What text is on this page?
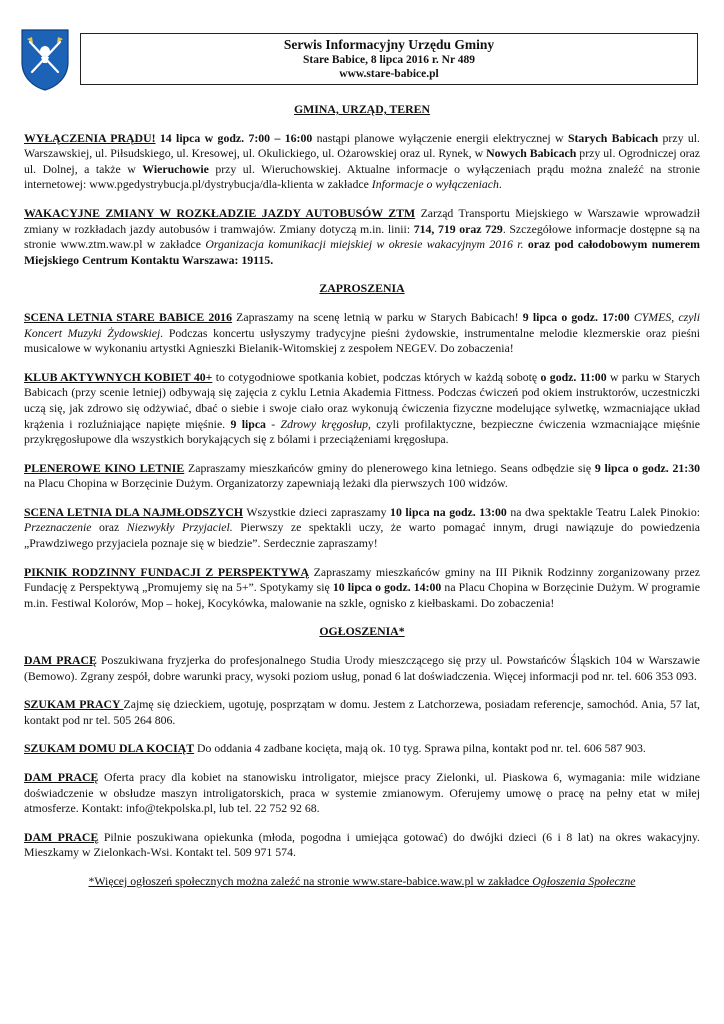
Serwis Informacyjny Urzędu Gminy
Stare Babice, 8 lipca 2016 r. Nr 489
www.stare-babice.pl
GMINA, URZĄD, TEREN

WYŁĄCZENIA PRĄDU! 14 lipca w godz. 7:00 – 16:00 nastąpi planowe wyłączenie energii elektrycznej w Starych Babicach przy ul. Warszawskiej, ul. Piłsudskiego, ul. Kresowej, ul. Okulickiego, ul. Ożarowskiej oraz ul. Rynek, w Nowych Babicach przy ul. Ogrodniczej oraz ul. Dolnej, a także w Wieruchowie przy ul. Wieruchowskiej. Aktualne informacje o wyłączeniach prądu można znaleźć na stronie internetowej: www.pgedystrybucja.pl/dystrybucja/dla-klienta w zakładce Informacje o wyłączeniach.

WAKACYJNE ZMIANY W ROZKŁADZIE JAZDY AUTOBUSÓW ZTM Zarząd Transportu Miejskiego w Warszawie wprowadził zmiany w rozkładach jazdy autobusów i tramwajów. Zmiany dotyczą m.in. linii: 714, 719 oraz 729. Szczegółowe informacje dostępne są na stronie www.ztm.waw.pl w zakładce Organizacja komunikacji miejskiej w okresie wakacyjnym 2016 r. oraz pod całodobowym numerem Miejskiego Centrum Kontaktu Warszawa: 19115.

ZAPROSZENIA

SCENA LETNIA STARE BABICE 2016 Zapraszamy na scenę letnią w parku w Starych Babicach! 9 lipca o godz. 17:00 CYMES, czyli Koncert Muzyki Żydowskiej. Podczas koncertu usłyszymy tradycyjne pieśni żydowskie, instrumentalne melodie klezmerskie oraz pieśni musicalowe w wykonaniu artystki Agnieszki Bielanik-Witomskiej z zespołem NEGEV. Do zobaczenia!

KLUB AKTYWNYCH KOBIET 40+ to cotygodniowe spotkania kobiet, podczas których w każdą sobotę o godz. 11:00 w parku w Starych Babicach (przy scenie letniej) odbywają się zajęcia z cyklu Letnia Akademia Fittness. Podczas ćwiczeń pod okiem instruktorów, uczestniczki uczą się, jak zdrowo się odżywiać, dbać o siebie i swoje ciało oraz wykonują ćwiczenia fizyczne modelujące sylwetkę, wzmacniające układ krążenia i rozluźniające napięte mięśnie. 9 lipca - Zdrowy kręgosłup, czyli profilaktyczne, bezpieczne ćwiczenia wzmacniające mięśnie przykręgosłupowe dla wszystkich borykających się z bólami i przeciążeniami kręgosłupa.

PLENEROWE KINO LETNIE Zapraszamy mieszkańców gminy do plenerowego kina letniego. Seans odbędzie się 9 lipca o godz. 21:30 na Placu Chopina w Borzęcinie Dużym. Organizatorzy zapewniają leżaki dla pierwszych 100 widzów.

SCENA LETNIA DLA NAJMŁODSZYCH Wszystkie dzieci zapraszamy 10 lipca na godz. 13:00 na dwa spektakle Teatru Lalek Pinokio: Przeznaczenie oraz Niezwykły Przyjaciel. Pierwszy ze spektakli uczy, że warto pomagać innym, drugi nawiązuje do powiedzenia „Prawdziwego przyjaciela poznaje się w biedzie”. Serdecznie zapraszamy!

PIKNIK RODZINNY FUNDACJI Z PERSPEKTYWĄ Zapraszamy mieszkańców gminy na III Piknik Rodzinny zorganizowany przez Fundację z Perspektywą „Promujemy się na 5+”. Spotykamy się 10 lipca o godz. 14:00 na Placu Chopina w Borzęcinie Dużym. W programie m.in. Festiwal Kolorów, Mop – hokej, Kocykówka, malowanie na szkle, ognisko z kiełbaskami. Do zobaczenia!

OGŁOSZENIA*

DAM PRACĘ Poszukiwana fryzjerka do profesjonalnego Studia Urody mieszczącego się przy ul. Powstańców Śląskich 104 w Warszawie (Bemowo). Zgrany zespół, dobre warunki pracy, wysoki poziom usług, ponad 6 lat doświadczenia. Więcej informacji pod nr. tel. 606 353 093.

SZUKAM PRACY Zajmę się dzieckiem, ugotuję, posprzątam w domu. Jestem z Latchorzewa, posiadam referencje, samochód. Ania, 57 lat, kontakt pod nr tel. 505 264 806.

SZUKAM DOMU DLA KOCIĄT Do oddania 4 zadbane kocięta, mają ok. 10 tyg. Sprawa pilna, kontakt pod nr. tel. 606 587 903.

DAM PRACĘ Oferta pracy dla kobiet na stanowisku introligator, miejsce pracy Zielonki, ul. Piaskowa 6, wymagania: mile widziane doświadczenie w obsłudze maszyn introligatorskich, praca w systemie zmianowym. Oferujemy umowę o pracę na pełny etat w miłej atmosferze. Kontakt: info@tekpolska.pl, lub tel. 22 752 92 68.

DAM PRACĘ Pilnie poszukiwana opiekunka (młoda, pogodna i umiejąca gotować) do dwójki dzieci (6 i 8 lat) na okres wakacyjny. Mieszkamy w Zielonkach-Wsi. Kontakt tel. 509 971 574.

*Więcej ogłoszeń społecznych można zaleźć na stronie www.stare-babice.waw.pl w zakładce Ogłoszenia Społeczne
